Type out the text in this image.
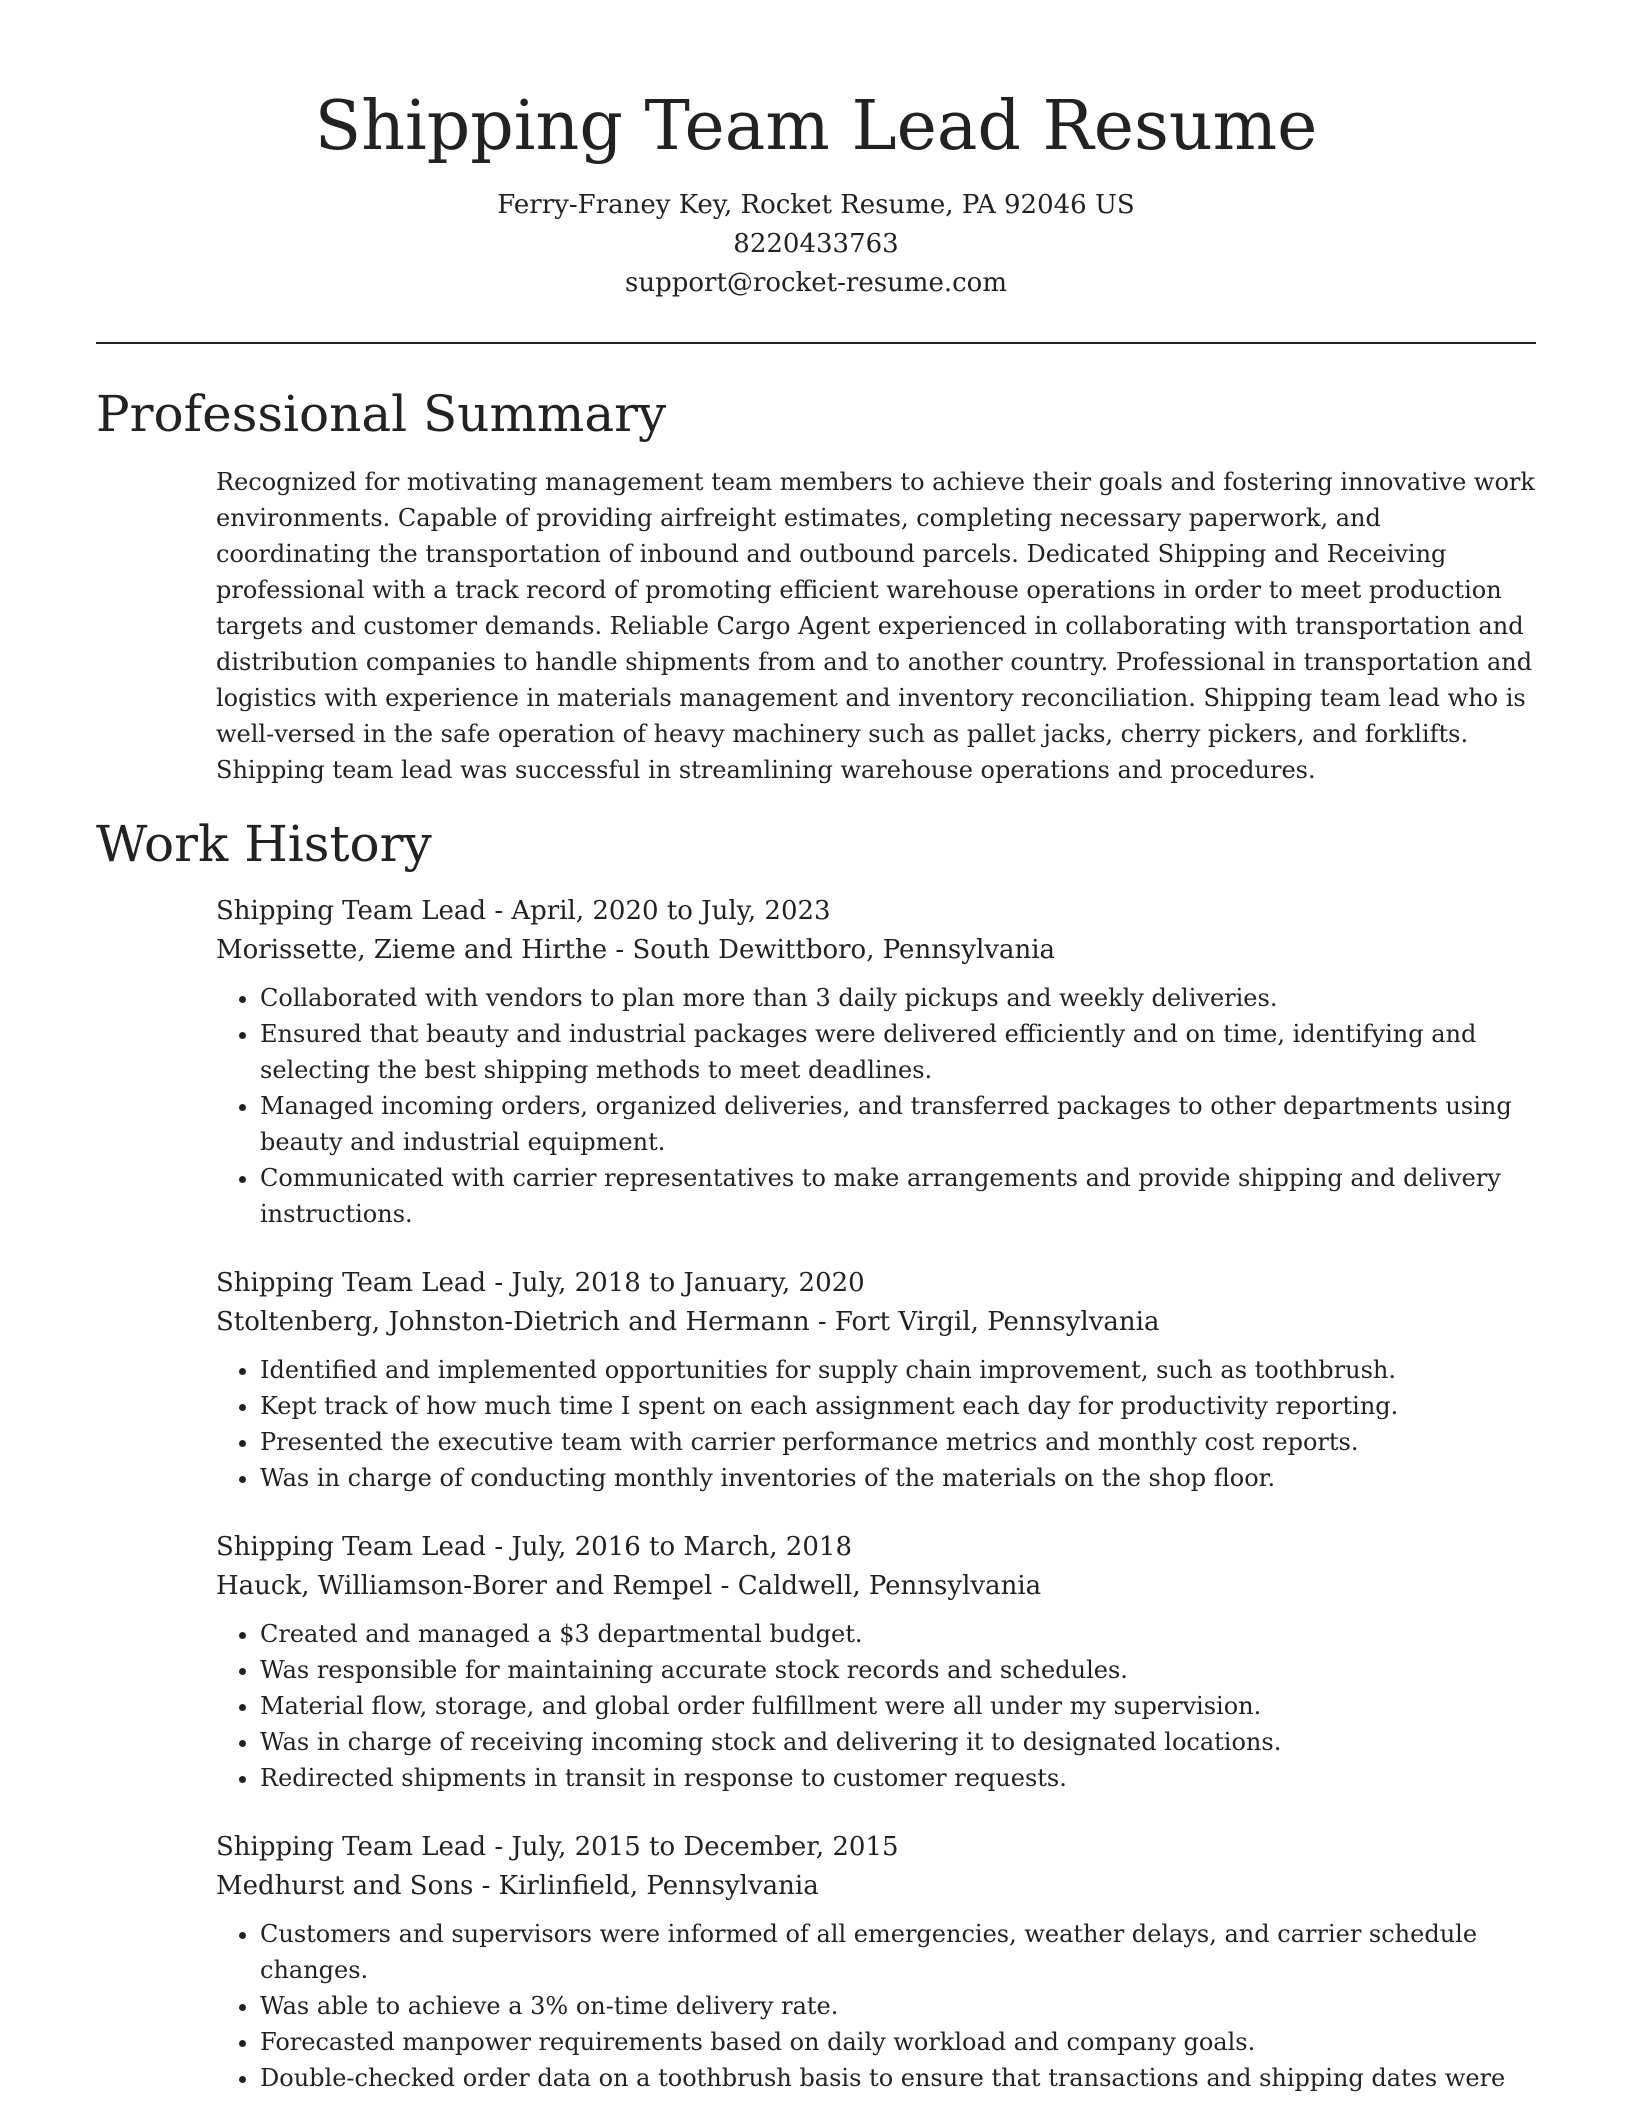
Shipping Team Lead Resume
Ferry-Franey Key, Rocket Resume, PA 92046 US
8220433763
support@rocket-resume.com
Professional Summary

Recognized for motivating management team members to achieve their goals and fostering innovative work environments. Capable of providing airfreight estimates, completing necessary paperwork, and coordinating the transportation of inbound and outbound parcels. Dedicated Shipping and Receiving professional with a track record of promoting efficient warehouse operations in order to meet production targets and customer demands. Reliable Cargo Agent experienced in collaborating with transportation and distribution companies to handle shipments from and to another country. Professional in transportation and logistics with experience in materials management and inventory reconciliation. Shipping team lead who is well-versed in the safe operation of heavy machinery such as pallet jacks, cherry pickers, and forklifts. Shipping team lead was successful in streamlining warehouse operations and procedures.

Work History

Shipping Team Lead - April, 2020 to July, 2023

Morissette, Zieme and Hirthe - South Dewittboro, Pennsylvania

• Collaborated with vendors to plan more than 3 daily pickups and weekly deliveries.
• Ensured that beauty and industrial packages were delivered efficiently and on time, identifying and selecting the best shipping methods to meet deadlines.
• Managed incoming orders, organized deliveries, and transferred packages to other departments using beauty and industrial equipment.
• Communicated with carrier representatives to make arrangements and provide shipping and delivery instructions.

Shipping Team Lead - July, 2018 to January, 2020

Stoltenberg, Johnston-Dietrich and Hermann - Fort Virgil, Pennsylvania

• Identified and implemented opportunities for supply chain improvement, such as toothbrush.
• Kept track of how much time I spent on each assignment each day for productivity reporting.
• Presented the executive team with carrier performance metrics and monthly cost reports.
• Was in charge of conducting monthly inventories of the materials on the shop floor.

Shipping Team Lead - July, 2016 to March, 2018

Hauck, Williamson-Borer and Rempel - Caldwell, Pennsylvania

• Created and managed a $3 departmental budget.
• Was responsible for maintaining accurate stock records and schedules.
• Material flow, storage, and global order fulfillment were all under my supervision.
• Was in charge of receiving incoming stock and delivering it to designated locations.
• Redirected shipments in transit in response to customer requests.

Shipping Team Lead - July, 2015 to December, 2015

Medhurst and Sons - Kirlinfield, Pennsylvania

• Customers and supervisors were informed of all emergencies, weather delays, and carrier schedule changes.
• Was able to achieve a 3% on-time delivery rate.
• Forecasted manpower requirements based on daily workload and company goals.
• Double-checked order data on a toothbrush basis to ensure that transactions and shipping dates were
